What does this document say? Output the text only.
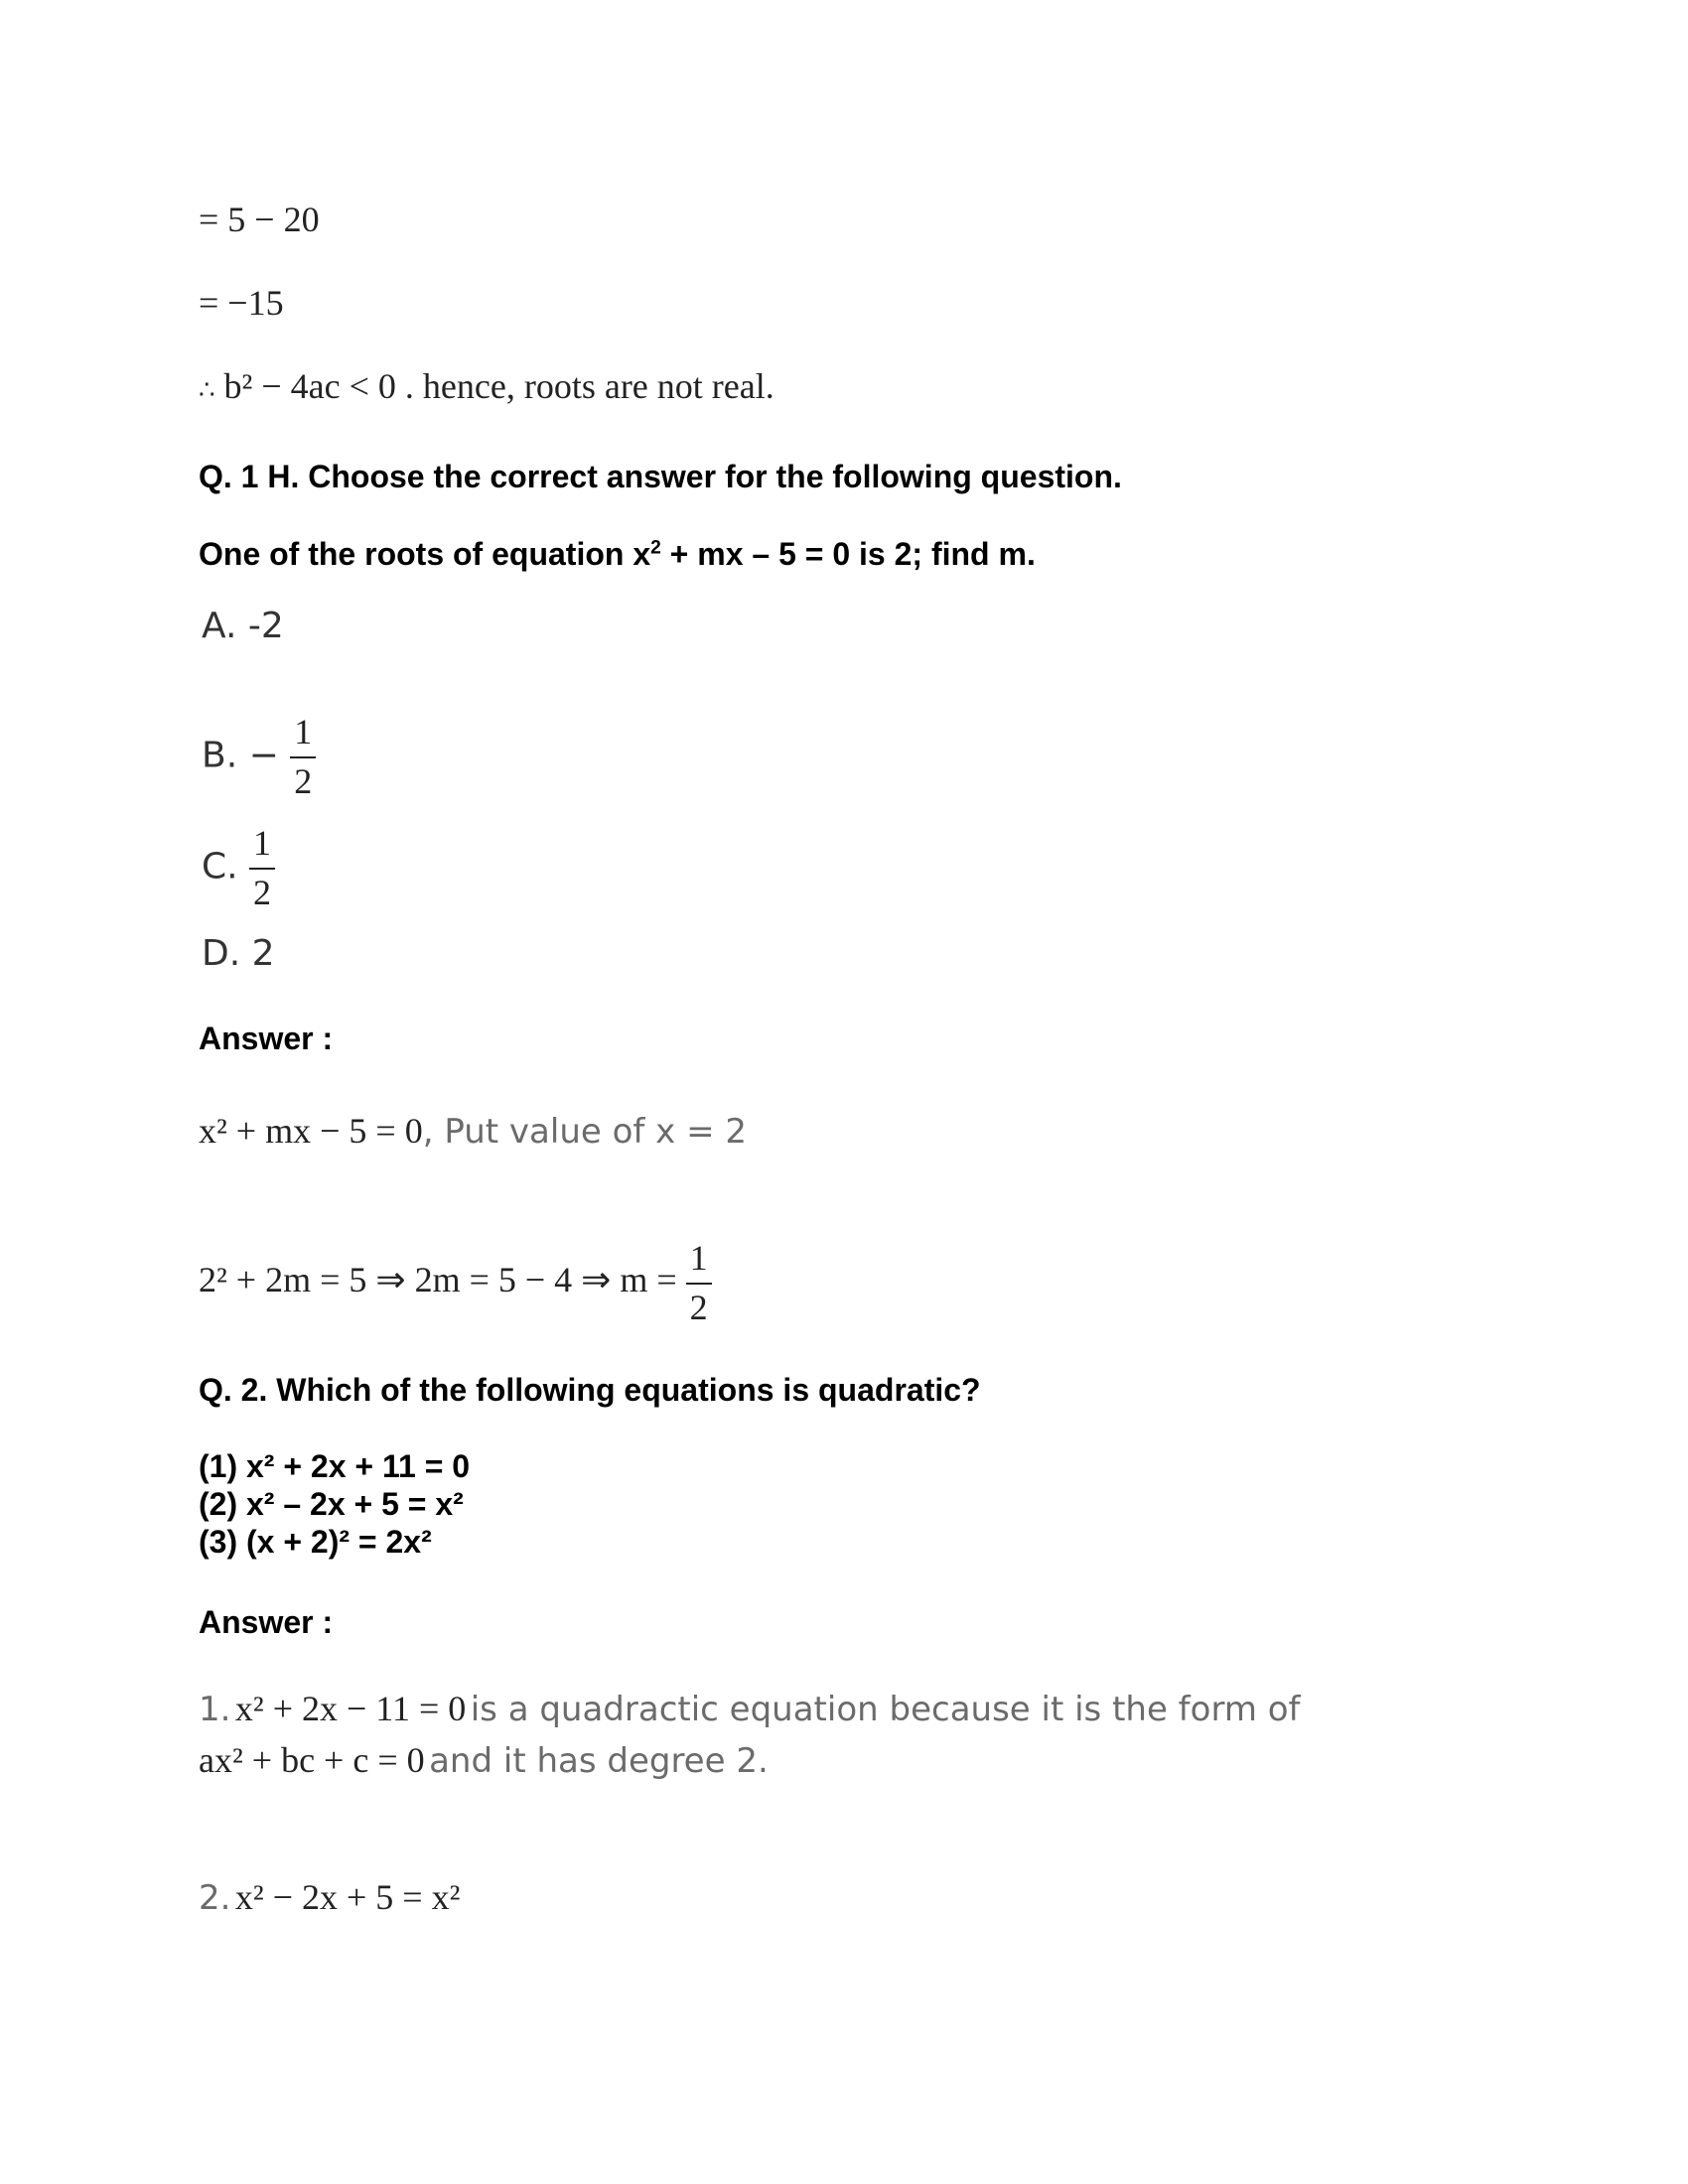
= 5 − 20
= −15
∴ b² − 4ac < 0 . hence, roots are not real.
Q. 1 H. Choose the correct answer for the following question.
One of the roots of equation $x^2$ + mx – 5 = 0 is 2; find m.
A. -2
B. − $\frac{1}{2}$
C. $\frac{1}{2}$
D. 2
Answer :
x² + mx − 5 = 0, Put value of x = 2
2² + 2m = 5 ⇒ 2m = 5 − 4 ⇒ $m = \frac{1}{2}$
Q. 2. Which of the following equations is quadratic?
(1) x² + 2x + 11 = 0
(2) x² – 2x + 5 = x²
(3) (x + 2)² = 2x²
Answer :
1. x² + 2x − 11 = 0 is a quadractic equation because it is the form of
ax² + bc + c = 0 and it has degree 2.
2. x² − 2x + 5 = x²
